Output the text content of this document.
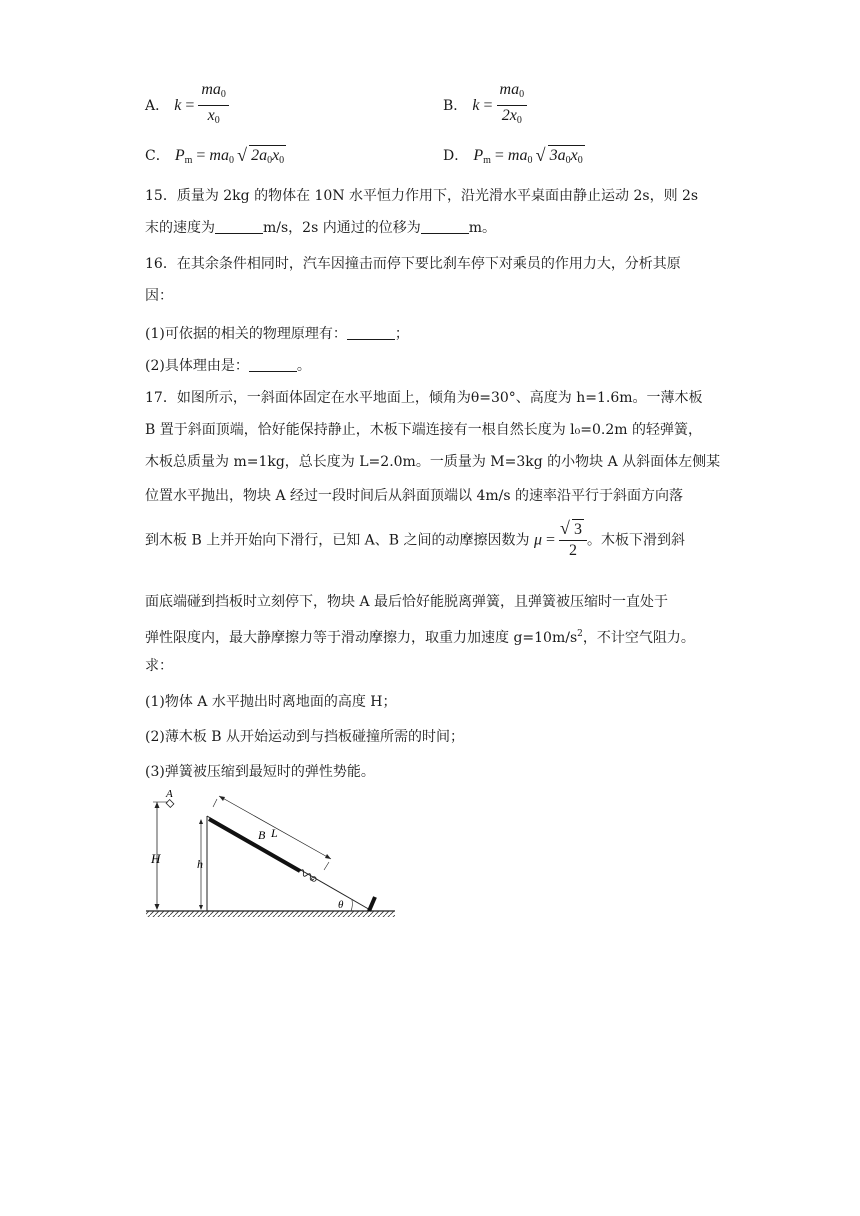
A． $k = \frac{ma_0}{x_0}$	B． $k = \frac{ma_0}{2x_0}$
C． $P_m = ma_0$ √ $2a_0x_0$	D． $P_m = ma_0$ √ $3a_0x_0$
15．质量为 2kg 的物体在 10N 水平恒力作用下，沿光滑水平桌面由静止运动 2s，则 2s
末的速度为	m/s，2s 内通过的位移为	m。
16．在其余条件相同时，汽车因撞击而停下要比刹车停下对乘员的作用力大，分析其原
因：
(1)可依据的相关的物理原理有：	；
(2)具体理由是：	。
17．如图所示，一斜面体固定在水平地面上，倾角为θ=30°、高度为 h=1.6m。一薄木板
B 置于斜面顶端，恰好能保持静止，木板下端连接有一根自然长度为 l₀=0.2m 的轻弹簧，
木板总质量为 m=1kg，总长度为 L=2.0m。一质量为 M=3kg 的小物块 A 从斜面体左侧某
位置水平抛出，物块 A 经过一段时间后从斜面顶端以 4m/s 的速率沿平行于斜面方向落
到木板 B 上并开始向下滑行，已知 A、B 之间的动摩擦因数为 μ = √ $\frac{3}{2}$ 。木板下滑到斜
面底端碰到挡板时立刻停下，物块 A 最后恰好能脱离弹簧，且弹簧被压缩时一直处于
弹性限度内，最大静摩擦力等于滑动摩擦力，取重力加速度 $g=10m/s^2$，不计空气阻力。
求：
(1)物体 A 水平抛出时离地面的高度 H；
(2)薄木板 B 从开始运动到与挡板碰撞所需的时间；
(3)弹簧被压缩到最短时的弹性势能。
H
A
h
B L
θ
